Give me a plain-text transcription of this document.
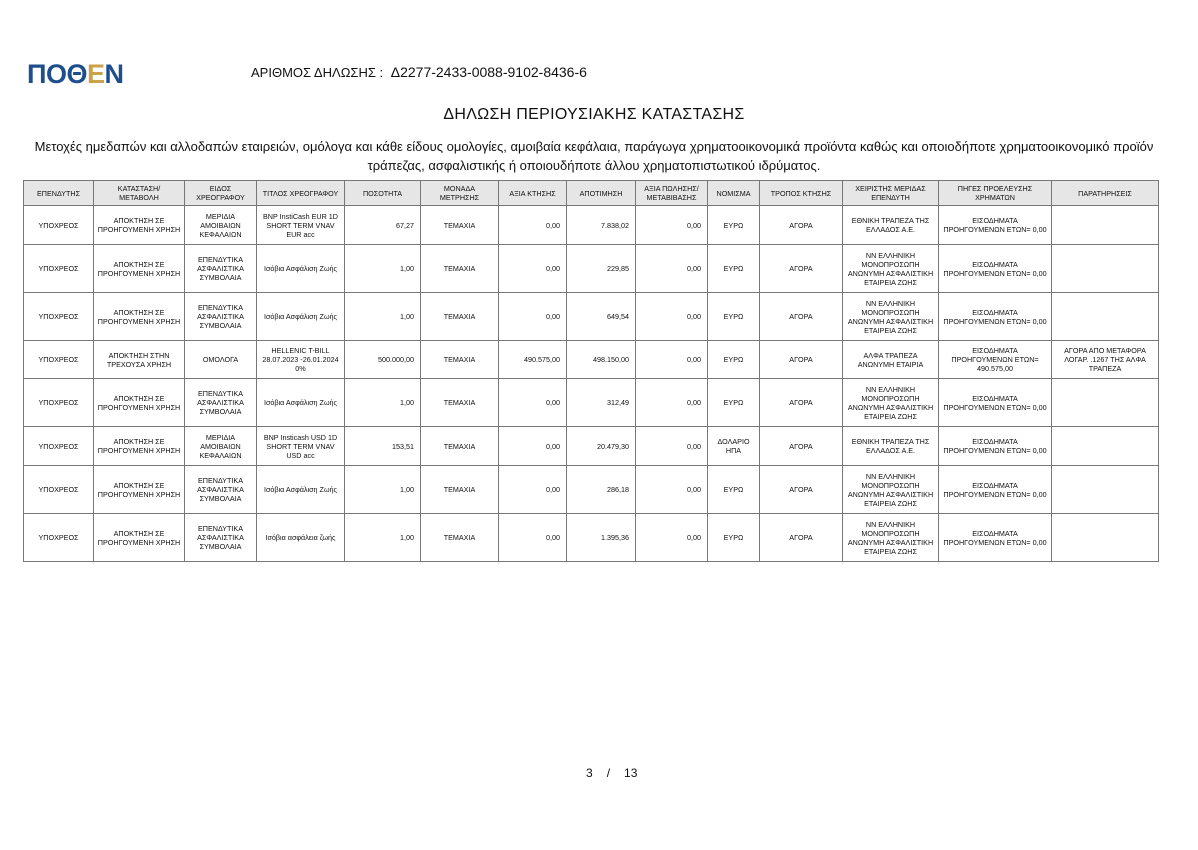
ΠΟΘΕΝ	ΑΡΙΘΜΟΣ ΔΗΛΩΣΗΣ : Δ2277-2433-0088-9102-8436-6
ΔΗΛΩΣΗ ΠΕΡΙΟΥΣΙΑΚΗΣ ΚΑΤΑΣΤΑΣΗΣ
Μετοχές ημεδαπών και αλλοδαπών εταιρειών, ομόλογα και κάθε είδους ομολογίες, αμοιβαία κεφάλαια, παράγωγα χρηματοοικονομικά προϊόντα καθώς και οποιοδήποτε χρηματοοικονομικό προϊόν τράπεζας, ασφαλιστικής ή οποιουδήποτε άλλου χρηματοπιστωτικού ιδρύματος.
ΕΠΕΝΔΥΤΗΣ	ΚΑΤΑΣΤΑΣΗ/ ΜΕΤΑΒΟΛΗ	ΕΙΔΟΣ ΧΡΕΟΓΡΑΦΟΥ	ΤΙΤΛΟΣ ΧΡΕΟΓΡΑΦΟΥ	ΠΟΣΟΤΗΤΑ	ΜΟΝΑΔΑ ΜΕΤΡΗΣΗΣ	ΑΞΙΑ ΚΤΗΣΗΣ	ΑΠΟΤΙΜΗΣΗ	ΑΞΙΑ ΠΩΛΗΣΗΣ/ ΜΕΤΑΒΙΒΑΣΗΣ	ΝΟΜΙΣΜΑ	ΤΡΟΠΟΣ ΚΤΗΣΗΣ	ΧΕΙΡΙΣΤΗΣ ΜΕΡΙΔΑΣ ΕΠΕΝΔΥΤΗ	ΠΗΓΕΣ ΠΡΟΕΛΕΥΣΗΣ ΧΡΗΜΑΤΩΝ	ΠΑΡΑΤΗΡΗΣΕΙΣ
ΥΠΟΧΡΕΟΣ	ΑΠΟΚΤΗΣΗ ΣΕ ΠΡΟΗΓΟΥΜΕΝΗ ΧΡΗΣΗ	ΜΕΡΙΔΙΑ ΑΜΟΙΒΑΙΩΝ ΚΕΦΑΛΑΙΩΝ	BNP InstiCash EUR 1D SHORT TERM VNAV EUR acc	67,27	ΤΕΜΑΧΙΑ	0,00	7.838,02	0,00	ΕΥΡΩ	ΑΓΟΡΑ	ΕΘΝΙΚΗ ΤΡΑΠΕΖΑ ΤΗΣ ΕΛΛΑΔΟΣ Α.Ε.	ΕΙΣΟΔΗΜΑΤΑ ΠΡΟΗΓΟΥΜΕΝΩΝ ΕΤΩΝ= 0,00	
ΥΠΟΧΡΕΟΣ	ΑΠΟΚΤΗΣΗ ΣΕ ΠΡΟΗΓΟΥΜΕΝΗ ΧΡΗΣΗ	ΕΠΕΝΔΥΤΙΚΑ ΑΣΦΑΛΙΣΤΙΚΑ ΣΥΜΒΟΛΑΙΑ	Ισόβια Ασφάλιση Ζωής	1,00	ΤΕΜΑΧΙΑ	0,00	229,85	0,00	ΕΥΡΩ	ΑΓΟΡΑ	NN ΕΛΛΗΝΙΚΗ ΜΟΝΟΠΡΟΣΩΠΗ ΑΝΩΝΥΜΗ ΑΣΦΑΛΙΣΤΙΚΗ ΕΤΑΙΡΕΙΑ ΖΩΗΣ	ΕΙΣΟΔΗΜΑΤΑ ΠΡΟΗΓΟΥΜΕΝΩΝ ΕΤΩΝ= 0,00	
ΥΠΟΧΡΕΟΣ	ΑΠΟΚΤΗΣΗ ΣΕ ΠΡΟΗΓΟΥΜΕΝΗ ΧΡΗΣΗ	ΕΠΕΝΔΥΤΙΚΑ ΑΣΦΑΛΙΣΤΙΚΑ ΣΥΜΒΟΛΑΙΑ	Ισόβια Ασφάλιση Ζωής	1,00	ΤΕΜΑΧΙΑ	0,00	649,54	0,00	ΕΥΡΩ	ΑΓΟΡΑ	NN ΕΛΛΗΝΙΚΗ ΜΟΝΟΠΡΟΣΩΠΗ ΑΝΩΝΥΜΗ ΑΣΦΑΛΙΣΤΙΚΗ ΕΤΑΙΡΕΙΑ ΖΩΗΣ	ΕΙΣΟΔΗΜΑΤΑ ΠΡΟΗΓΟΥΜΕΝΩΝ ΕΤΩΝ= 0,00	
ΥΠΟΧΡΕΟΣ	ΑΠΟΚΤΗΣΗ ΣΤΗΝ ΤΡΕΧΟΥΣΑ ΧΡΗΣΗ	ΟΜΟΛΟΓΑ	HELLENIC T-BILL 28.07.2023 -26.01.2024 0%	500.000,00	ΤΕΜΑΧΙΑ	490.575,00	498.150,00	0,00	ΕΥΡΩ	ΑΓΟΡΑ	ΑΛΦΑ ΤΡΑΠΕΖΑ ΑΝΩΝΥΜΗ ΕΤΑΙΡΙΑ	ΕΙΣΟΔΗΜΑΤΑ ΠΡΟΗΓΟΥΜΕΝΩΝ ΕΤΩΝ= 490.575,00	ΑΓΟΡΑ ΑΠΟ ΜΕΤΑΦΟΡΑ ΛΟΓΑΡ. .1267 ΤΗΣ ΑΛΦΑ ΤΡΑΠΕΖΑ
ΥΠΟΧΡΕΟΣ	ΑΠΟΚΤΗΣΗ ΣΕ ΠΡΟΗΓΟΥΜΕΝΗ ΧΡΗΣΗ	ΕΠΕΝΔΥΤΙΚΑ ΑΣΦΑΛΙΣΤΙΚΑ ΣΥΜΒΟΛΑΙΑ	Ισόβια Ασφάλιση Ζωής	1,00	ΤΕΜΑΧΙΑ	0,00	312,49	0,00	ΕΥΡΩ	ΑΓΟΡΑ	NN ΕΛΛΗΝΙΚΗ ΜΟΝΟΠΡΟΣΩΠΗ ΑΝΩΝΥΜΗ ΑΣΦΑΛΙΣΤΙΚΗ ΕΤΑΙΡΕΙΑ ΖΩΗΣ	ΕΙΣΟΔΗΜΑΤΑ ΠΡΟΗΓΟΥΜΕΝΩΝ ΕΤΩΝ= 0,00	
ΥΠΟΧΡΕΟΣ	ΑΠΟΚΤΗΣΗ ΣΕ ΠΡΟΗΓΟΥΜΕΝΗ ΧΡΗΣΗ	ΜΕΡΙΔΙΑ ΑΜΟΙΒΑΙΩΝ ΚΕΦΑΛΑΙΩΝ	BNP Insticash USD 1D SHORT TERM VNAV USD acc	153,51	ΤΕΜΑΧΙΑ	0,00	20.479,30	0,00	ΔΟΛΑΡΙΟ ΗΠΑ	ΑΓΟΡΑ	ΕΘΝΙΚΗ ΤΡΑΠΕΖΑ ΤΗΣ ΕΛΛΑΔΟΣ Α.Ε.	ΕΙΣΟΔΗΜΑΤΑ ΠΡΟΗΓΟΥΜΕΝΩΝ ΕΤΩΝ= 0,00	
ΥΠΟΧΡΕΟΣ	ΑΠΟΚΤΗΣΗ ΣΕ ΠΡΟΗΓΟΥΜΕΝΗ ΧΡΗΣΗ	ΕΠΕΝΔΥΤΙΚΑ ΑΣΦΑΛΙΣΤΙΚΑ ΣΥΜΒΟΛΑΙΑ	Ισόβια Ασφάλιση Ζωής	1,00	ΤΕΜΑΧΙΑ	0,00	286,18	0,00	ΕΥΡΩ	ΑΓΟΡΑ	NN ΕΛΛΗΝΙΚΗ ΜΟΝΟΠΡΟΣΩΠΗ ΑΝΩΝΥΜΗ ΑΣΦΑΛΙΣΤΙΚΗ ΕΤΑΙΡΕΙΑ ΖΩΗΣ	ΕΙΣΟΔΗΜΑΤΑ ΠΡΟΗΓΟΥΜΕΝΩΝ ΕΤΩΝ= 0,00	
ΥΠΟΧΡΕΟΣ	ΑΠΟΚΤΗΣΗ ΣΕ ΠΡΟΗΓΟΥΜΕΝΗ ΧΡΗΣΗ	ΕΠΕΝΔΥΤΙΚΑ ΑΣΦΑΛΙΣΤΙΚΑ ΣΥΜΒΟΛΑΙΑ	Ισόβια ασφάλεια ζωής	1,00	ΤΕΜΑΧΙΑ	0,00	1.395,36	0,00	ΕΥΡΩ	ΑΓΟΡΑ	NN ΕΛΛΗΝΙΚΗ ΜΟΝΟΠΡΟΣΩΠΗ ΑΝΩΝΥΜΗ ΑΣΦΑΛΙΣΤΙΚΗ ΕΤΑΙΡΕΙΑ ΖΩΗΣ	ΕΙΣΟΔΗΜΑΤΑ ΠΡΟΗΓΟΥΜΕΝΩΝ ΕΤΩΝ= 0,00	
3 / 13
